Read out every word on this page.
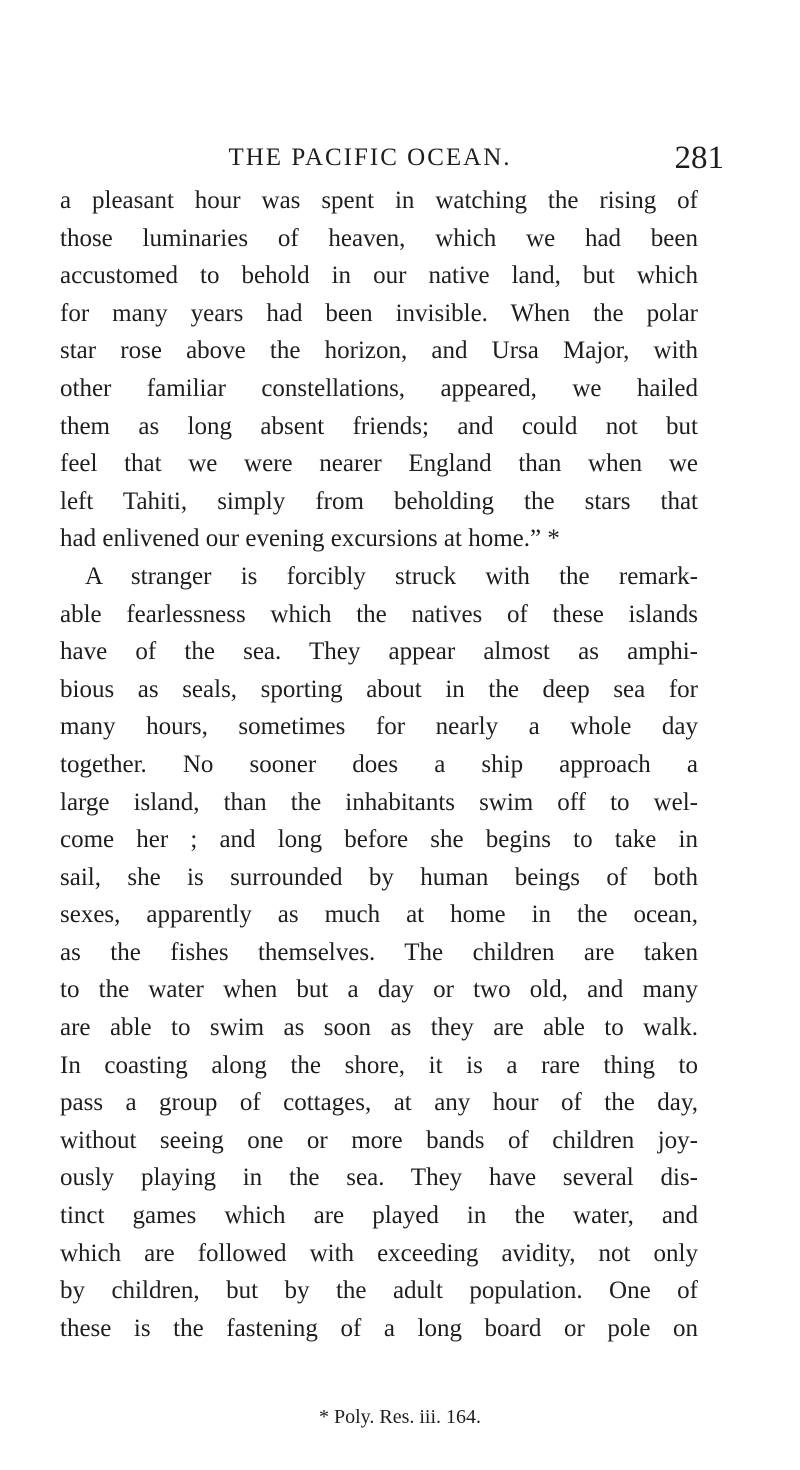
THE PACIFIC OCEAN.	281
a pleasant hour was spent in watching the rising of
those luminaries of heaven, which we had been
accustomed to behold in our native land, but which
for many years had been invisible. When the polar
star rose above the horizon, and Ursa Major, with
other familiar constellations, appeared, we hailed
them as long absent friends; and could not but
feel that we were nearer England than when we
left Tahiti, simply from beholding the stars that
had enlivened our evening excursions at home.” *
A stranger is forcibly struck with the remark-
able fearlessness which the natives of these islands
have of the sea. They appear almost as amphi-
bious as seals, sporting about in the deep sea for
many hours, sometimes for nearly a whole day
together. No sooner does a ship approach a
large island, than the inhabitants swim off to wel-
come her ; and long before she begins to take in
sail, she is surrounded by human beings of both
sexes, apparently as much at home in the ocean,
as the fishes themselves. The children are taken
to the water when but a day or two old, and many
are able to swim as soon as they are able to walk.
In coasting along the shore, it is a rare thing to
pass a group of cottages, at any hour of the day,
without seeing one or more bands of children joy-
ously playing in the sea. They have several dis-
tinct games which are played in the water, and
which are followed with exceeding avidity, not only
by children, but by the adult population. One of
these is the fastening of a long board or pole on
* Poly. Res. iii. 164.
